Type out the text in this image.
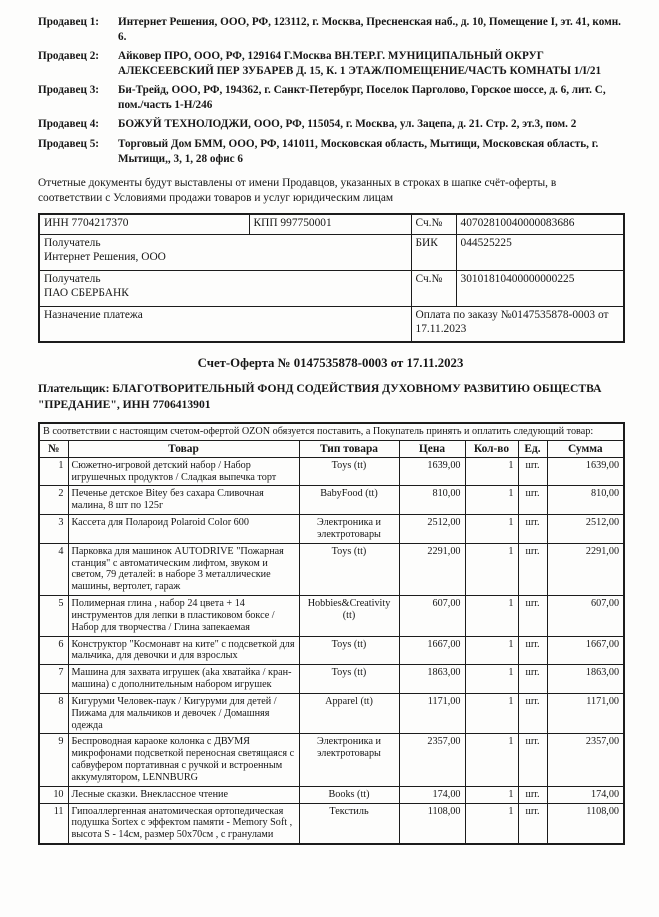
Продавец 1:	Интернет Решения, ООО, РФ, 123112, г. Москва, Пресненская наб., д. 10, Помещение I, эт. 41, комн. 6.
Продавец 2:	Айковер ПРО, ООО, РФ, 129164 Г.Москва ВН.ТЕР.Г. МУНИЦИПАЛЬНЫЙ ОКРУГ АЛЕКСЕЕВСКИЙ ПЕР ЗУБАРЕВ Д. 15, К. 1 ЭТАЖ/ПОМЕЩЕНИЕ/ЧАСТЬ КОМНАТЫ 1/I/21
Продавец 3:	Би-Трейд, ООО, РФ, 194362, г. Санкт-Петербург, Поселок Парголово, Горское шоссе, д. 6, лит. С, пом./часть 1-Н/246
Продавец 4:	БОЖУЙ ТЕХНОЛОДЖИ, ООО, РФ, 115054, г. Москва, ул. Зацепа, д. 21. Стр. 2, эт.3, пом. 2
Продавец 5:	Торговый Дом БММ, ООО, РФ, 141011, Московская область, Мытищи, Московская область, г. Мытищи,, 3, 1, 28 офис 6

Отчетные документы будут выставлены от имени Продавцов, указанных в строках в шапке счёт-оферты, в соответствии с Условиями продажи товаров и услуг юридическим лицам

ИНН 7704217370	КПП 997750001	Сч.№	40702810040000083686

Получатель
Интернет Решения, ООО		БИК	044525225

Получатель
ПАО СБЕРБАНК		Сч.№	30101810400000000225
Назначение платежа		Оплата по заказу №0147535878-0003 от 17.11.2023	
Счет-Оферта № 0147535878-0003 от 17.11.2023

Плательщик: БЛАГОТВОРИТЕЛЬНЫЙ ФОНД СОДЕЙСТВИЯ ДУХОВНОМУ РАЗВИТИЮ ОБЩЕСТВА "ПРЕДАНИЕ", ИНН 7706413901

В соответствии с настоящим счетом-офертой OZON обязуется поставить, а Покупатель принять и оплатить следующий товар:						
№	Товар	Тип товара	Цена	Кол-во	Ед.	Сумма
1	Сюжетно-игровой детский набор / Набор игрушечных продуктов / Сладкая выпечка торт	Toys (tt)	1639,00	1	шт.	1639,00
2	Печенье детское Bitey без сахара Сливочная малина, 8 шт по 125г	BabyFood (tt)	810,00	1	шт.	810,00
3	Кассета для Полароид Polaroid Color 600	Электроника и электротовары	2512,00	1	шт.	2512,00
4	Парковка для машинок AUTODRIVE "Пожарная станция" с автоматическим лифтом, звуком и светом, 79 деталей: в наборе 3 металлические машины, вертолет, гараж	Toys (tt)	2291,00	1	шт.	2291,00
5	Полимерная глина , набор 24 цвета + 14 инструментов для лепки в пластиковом боксе / Набор для творчества / Глина запекаемая	Hobbies&Creativity (tt)	607,00	1	шт.	607,00
6	Конструктор "Космонавт на ките" с подсветкой для мальчика, для девочки и для взрослых	Toys (tt)	1667,00	1	шт.	1667,00
7	Машина для захвата игрушек (aka хватайка / кран-машина) с дополнительным набором игрушек	Toys (tt)	1863,00	1	шт.	1863,00
8	Кигуруми Человек-паук / Кигуруми для детей / Пижама для мальчиков и девочек / Домашняя одежда	Apparel (tt)	1171,00	1	шт.	1171,00
9	Беспроводная караоке колонка с ДВУМЯ микрофонами подсветкой переносная светящаяся с сабвуфером портативная с ручкой и встроенным аккумулятором, LENNBURG	Электроника и электротовары	2357,00	1	шт.	2357,00
10	Лесные сказки. Внеклассное чтение	Books (tt)	174,00	1	шт.	174,00
11	Гипоаллергенная анатомическая ортопедическая подушка Sortex с эффектом памяти - Memory Soft , высота S - 14см, размер 50х70см , с гранулами	Текстиль	1108,00	1	шт.	1108,00
